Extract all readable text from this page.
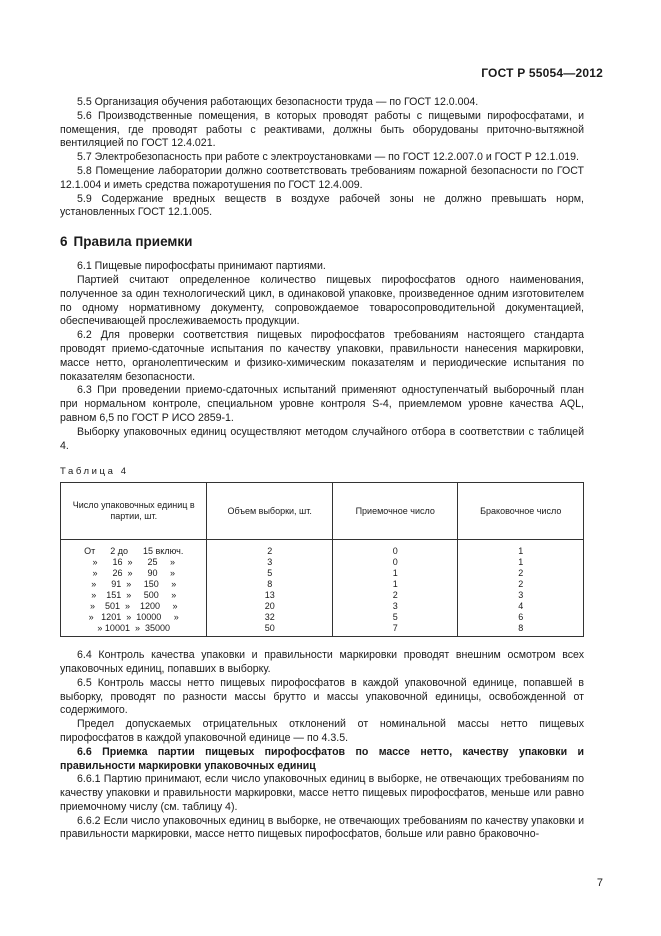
ГОСТ Р 55054—2012

5.5 Организация обучения работающих безопасности труда — по ГОСТ 12.0.004.

5.6 Производственные помещения, в которых проводят работы с пищевыми пирофосфатами, и помещения, где проводят работы с реактивами, должны быть оборудованы приточно-вытяжной вентиляцией по ГОСТ 12.4.021.

5.7 Электробезопасность при работе с электроустановками — по ГОСТ 12.2.007.0 и ГОСТ Р 12.1.019.

5.8 Помещение лаборатории должно соответствовать требованиям пожарной безопасности по ГОСТ 12.1.004 и иметь средства пожаротушения по ГОСТ 12.4.009.

5.9 Содержание вредных веществ в воздухе рабочей зоны не должно превышать норм, установленных ГОСТ 12.1.005.

6 Правила приемки

6.1 Пищевые пирофосфаты принимают партиями.

Партией считают определенное количество пищевых пирофосфатов одного наименования, полученное за один технологический цикл, в одинаковой упаковке, произведенное одним изготовителем по одному нормативному документу, сопровождаемое товаросопроводительной документацией, обеспечивающей прослеживаемость продукции.

6.2 Для проверки соответствия пищевых пирофосфатов требованиям настоящего стандарта проводят приемо-сдаточные испытания по качеству упаковки, правильности нанесения маркировки, массе нетто, органолептическим и физико-химическим показателям и периодические испытания по показателям безопасности.

6.3 При проведении приемо-сдаточных испытаний применяют одноступенчатый выборочный план при нормальном контроле, специальном уровне контроля S-4, приемлемом уровне качества AQL, равном 6,5 по ГОСТ Р ИСО 2859-1.

Выборку упаковочных единиц осуществляют методом случайного отбора в соответствии с таблицей 4.

Таблица 4
Число упаковочных единиц в партии, шт.	Объем выборки, шт.	Приемочное число	Браковочное число
От      2 до      15 включ.	2	0	1
»      16  »      25     »	3	0	1
»      26  »      90     »	5	1	2
»      91  »     150     »	8	1	2
»    151  »     500     »	13	2	3
»    501  »    1200     »	20	3	4
»   1201  »  10000     »	32	5	6
» 10001  »  35000	50	7	8

6.4 Контроль качества упаковки и правильности маркировки проводят внешним осмотром всех упаковочных единиц, попавших в выборку.

6.5 Контроль массы нетто пищевых пирофосфатов в каждой упаковочной единице, попавшей в выборку, проводят по разности массы брутто и массы упаковочной единицы, освобожденной от содержимого.

Предел допускаемых отрицательных отклонений от номинальной массы нетто пищевых пирофосфатов в каждой упаковочной единице — по 4.3.5.

6.6 Приемка партии пищевых пирофосфатов по массе нетто, качеству упаковки и правильности маркировки упаковочных единиц

6.6.1 Партию принимают, если число упаковочных единиц в выборке, не отвечающих требованиям по качеству упаковки и правильности маркировки, массе нетто пищевых пирофосфатов, меньше или равно приемочному числу (см. таблицу 4).

6.6.2 Если число упаковочных единиц в выборке, не отвечающих требованиям по качеству упаковки и правильности маркировки, массе нетто пищевых пирофосфатов, больше или равно браковочно-

7
